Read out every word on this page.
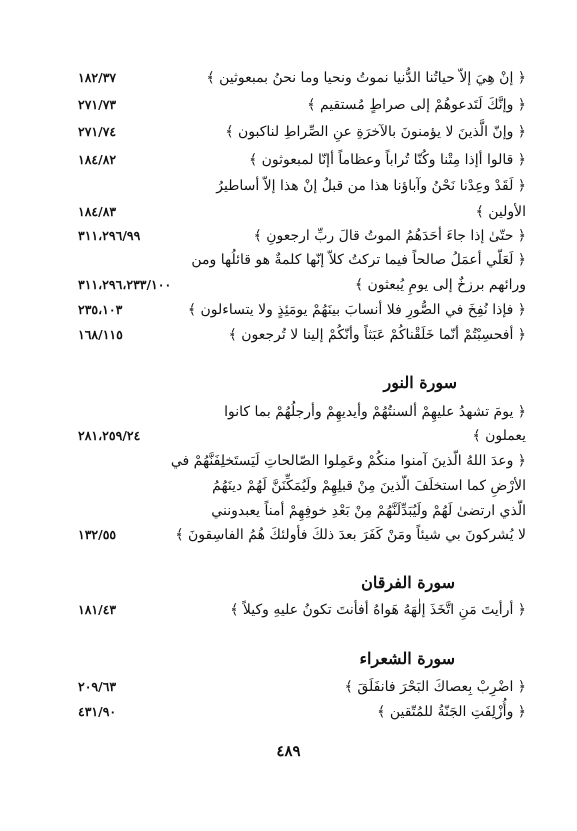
﴿ إنْ هِيَ إلاّ حياتُنا الدُّنيا نموتُ ونحيا وما نحنُ بمبعوثين ﴾
١٨٢/٣٧
﴿ وإنَّكَ لَتَدعوهُمْ إلى صراطٍ مُستقيم ﴾
٢٧١/٧٣
﴿ وإنّ الَّذينَ لا يؤمنونَ بالآخرَةِ عنِ الصِّراطِ لناكبون ﴾
٢٧١/٧٤
﴿ قالوا أإذا مِتْنا وكُنّا تُراباً وعظاماً أإنّا لمبعوثون ﴾
١٨٤/٨٢
﴿ لَقَدْ وعِدْنا نَحْنُ وآباؤنا هذا من قبلُ إنْ هذا إلاّ أساطيرُ
الأولين ﴾
١٨٤/٨٣
﴿ حتّىٰ إذا جاءَ أحَدَهُمُ الموتُ قالَ ربِّ ارجعونِ ﴾
٣١١،٢٩٦/٩٩
﴿ لَعَلّي أعمَلُ صالحاً فيما تركتُ كلاّ إنّها كلمةٌ هو قائلُها ومن
ورائهم برزخٌ إلى يومِ يُبعثون ﴾
٣١١،٢٩٦،٢٣٣/١٠٠
﴿ فإذا نُفِخَ في الصُّورِ فلا أنسابَ بينَهُمْ يومَئِذٍ ولا يتساءلون ﴾
٢٣٥،١٠٣
﴿ أفحسِبْتُمْ أنّما خَلَقْناكُمْ عَبَثاً وأنّكُمْ إلينا لا تُرجعون ﴾
١٦٨/١١٥
سورة النور
﴿ يومَ تشهدُ عليهِمْ ألسنتُهُمْ وأيديهِمْ وأرجلُهُمْ بما كانوا
يعملون ﴾
٢٨١،٢٥٩/٢٤
﴿ وعدَ اللهُ الّذينَ آمنوا منكُمْ وعَمِلوا الصّالحاتِ لَيَستَخلِفَنَّهُمْ في
الأرْضِ كما استخلَفَ الّذينَ مِنْ قبلِهِمْ ولَيُمَكِّنَنَّ لَهُمْ دينَهُمُ
الّذي ارتضىٰ لَهُمْ ولَيُبَدِّلَنَّهُمْ مِنْ بَعْدِ خوفِهِمْ أمناً يعبدونني
لا يُشركونَ بي شيئاً ومَنْ كَفَرَ بعدَ ذلكَ فأولئكَ هُمُ الفاسِقونَ ﴾
١٣٢/٥٥
سورة الفرقان
﴿ أرأيتَ مَنِ اتَّخَذَ إلٰهَهُ هَواهُ أفأنتَ تكونُ عليهِ وكيلاً ﴾
١٨١/٤٣
سورة الشعراء
﴿ اضْرِبْ بِعصاكَ البَحْرَ فانفَلَقَ ﴾
٢٠٩/٦٣
﴿ وأُزْلِفَتِ الجَنّةُ للمُتّقين ﴾
٤٣١/٩٠
٤٨٩
